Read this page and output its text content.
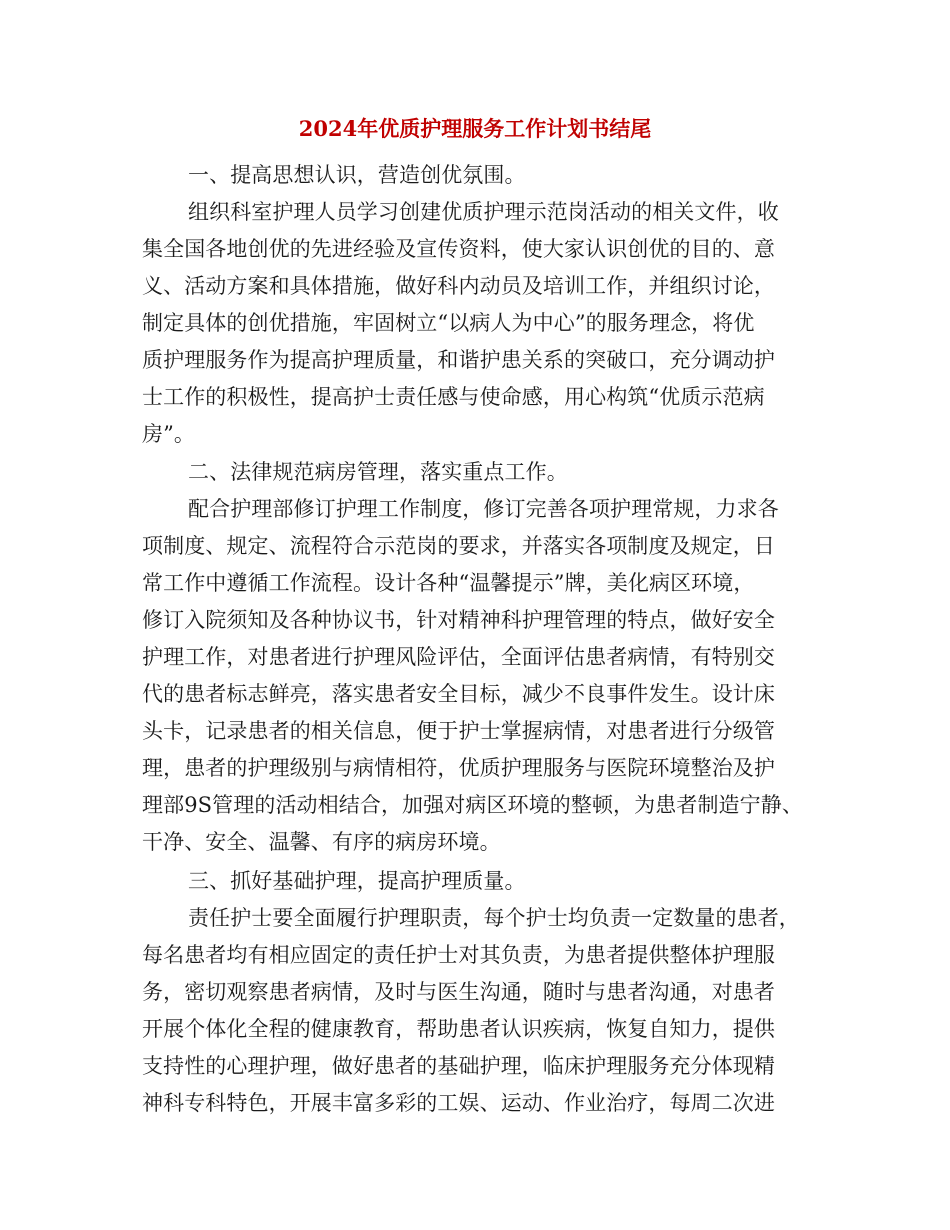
2024年优质护理服务工作计划书结尾
一、提高思想认识，营造创优氛围。
组织科室护理人员学习创建优质护理示范岗活动的相关文件，收
集全国各地创优的先进经验及宣传资料，使大家认识创优的目的、意
义、活动方案和具体措施，做好科内动员及培训工作，并组织讨论，
制定具体的创优措施，牢固树立“以病人为中心”的服务理念，将优
质护理服务作为提高护理质量，和谐护患关系的突破口，充分调动护
士工作的积极性，提高护士责任感与使命感，用心构筑“优质示范病
房”。
二、法律规范病房管理，落实重点工作。
配合护理部修订护理工作制度，修订完善各项护理常规，力求各
项制度、规定、流程符合示范岗的要求，并落实各项制度及规定，日
常工作中遵循工作流程。设计各种“温馨提示”牌，美化病区环境，
修订入院须知及各种协议书，针对精神科护理管理的特点，做好安全
护理工作，对患者进行护理风险评估，全面评估患者病情，有特别交
代的患者标志鲜亮，落实患者安全目标，减少不良事件发生。设计床
头卡，记录患者的相关信息，便于护士掌握病情，对患者进行分级管
理，患者的护理级别与病情相符，优质护理服务与医院环境整治及护
理部9S管理的活动相结合，加强对病区环境的整顿，为患者制造宁静、
干净、安全、温馨、有序的病房环境。
三、抓好基础护理，提高护理质量。
责任护士要全面履行护理职责，每个护士均负责一定数量的患者，
每名患者均有相应固定的责任护士对其负责，为患者提供整体护理服
务，密切观察患者病情，及时与医生沟通，随时与患者沟通，对患者
开展个体化全程的健康教育，帮助患者认识疾病，恢复自知力，提供
支持性的心理护理，做好患者的基础护理，临床护理服务充分体现精
神科专科特色，开展丰富多彩的工娱、运动、作业治疗，每周二次进
